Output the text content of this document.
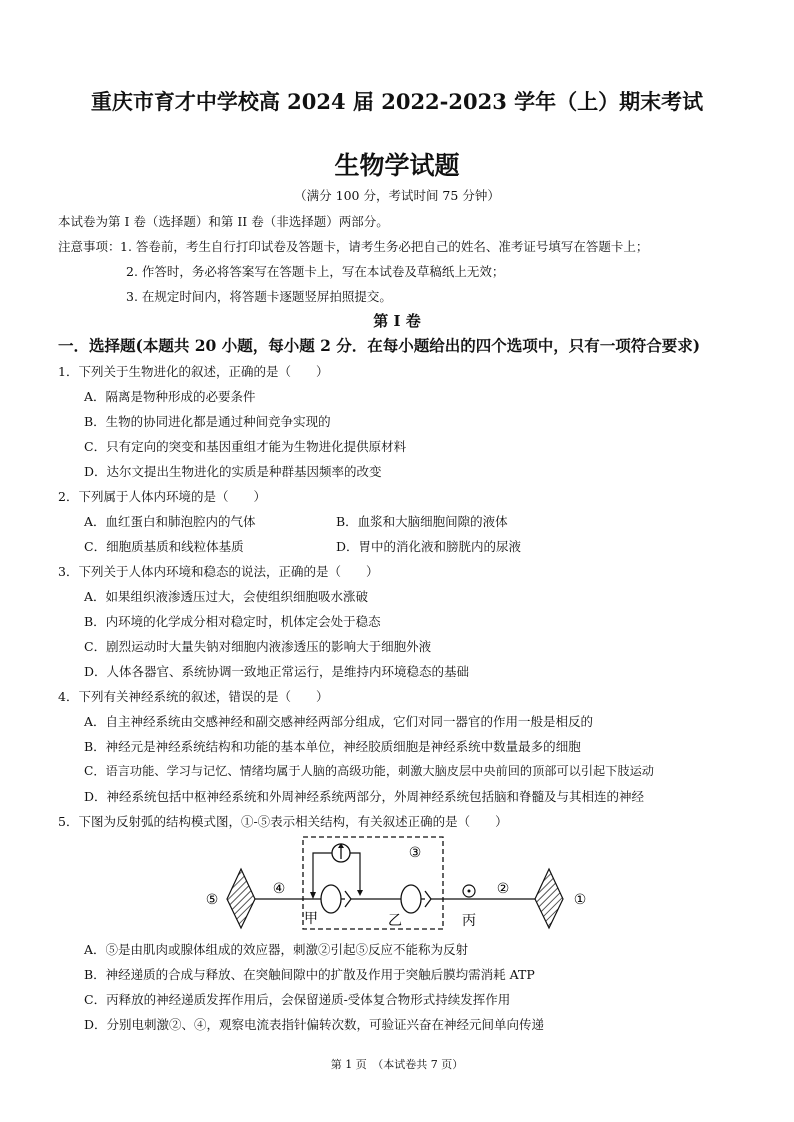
重庆市育才中学校高 2024 届 2022-2023 学年（上）期末考试
生物学试题
（满分 100 分，考试时间 75 分钟）
本试卷为第 I 卷（选择题）和第 II 卷（非选择题）两部分。
注意事项： 1. 答卷前，考生自行打印试卷及答题卡，请考生务必把自己的姓名、准考证号填写在答题卡上；
2. 作答时，务必将答案写在答题卡上，写在本试卷及草稿纸上无效；
3. 在规定时间内，将答题卡逐题竖屏拍照提交。
第 I 卷
一．选择题(本题共 20 小题，每小题 2 分．在每小题给出的四个选项中，只有一项符合要求)
1．下列关于生物进化的叙述，正确的是（　　）
A．隔离是物种形成的必要条件
B．生物的协同进化都是通过种间竞争实现的
C．只有定向的突变和基因重组才能为生物进化提供原材料
D．达尔文提出生物进化的实质是种群基因频率的改变
2．下列属于人体内环境的是（　　）
A．血红蛋白和肺泡腔内的气体	B．血浆和大脑细胞间隙的液体
C．细胞质基质和线粒体基质	D．胃中的消化液和膀胱内的尿液
3．下列关于人体内环境和稳态的说法，正确的是（　　）
A．如果组织液渗透压过大，会使组织细胞吸水涨破
B．内环境的化学成分相对稳定时，机体定会处于稳态
C．剧烈运动时大量失钠对细胞内液渗透压的影响大于细胞外液
D．人体各器官、系统协调一致地正常运行，是维持内环境稳态的基础
4．下列有关神经系统的叙述，错误的是（　　）
A．自主神经系统由交感神经和副交感神经两部分组成，它们对同一器官的作用一般是相反的
B．神经元是神经系统结构和功能的基本单位，神经胶质细胞是神经系统中数量最多的细胞
C．语言功能、学习与记忆、情绪均属于人脑的高级功能，刺激大脑皮层中央前回的顶部可以引起下肢运动
D．神经系统包括中枢神经系统和外周神经系统两部分，外周神经系统包括脑和脊髓及与其相连的神经
5．下图为反射弧的结构模式图，①-⑤表示相关结构，有关叙述正确的是（　　）
⑤
④
③
甲	乙	丙
②
①
A．⑤是由肌肉或腺体组成的效应器，刺激②引起⑤反应不能称为反射
B．神经递质的合成与释放、在突触间隙中的扩散及作用于突触后膜均需消耗 ATP
C．丙释放的神经递质发挥作用后，会保留递质-受体复合物形式持续发挥作用
D．分别电刺激②、④，观察电流表指针偏转次数，可验证兴奋在神经元间单向传递
第 1 页　（本试卷共 7 页）
